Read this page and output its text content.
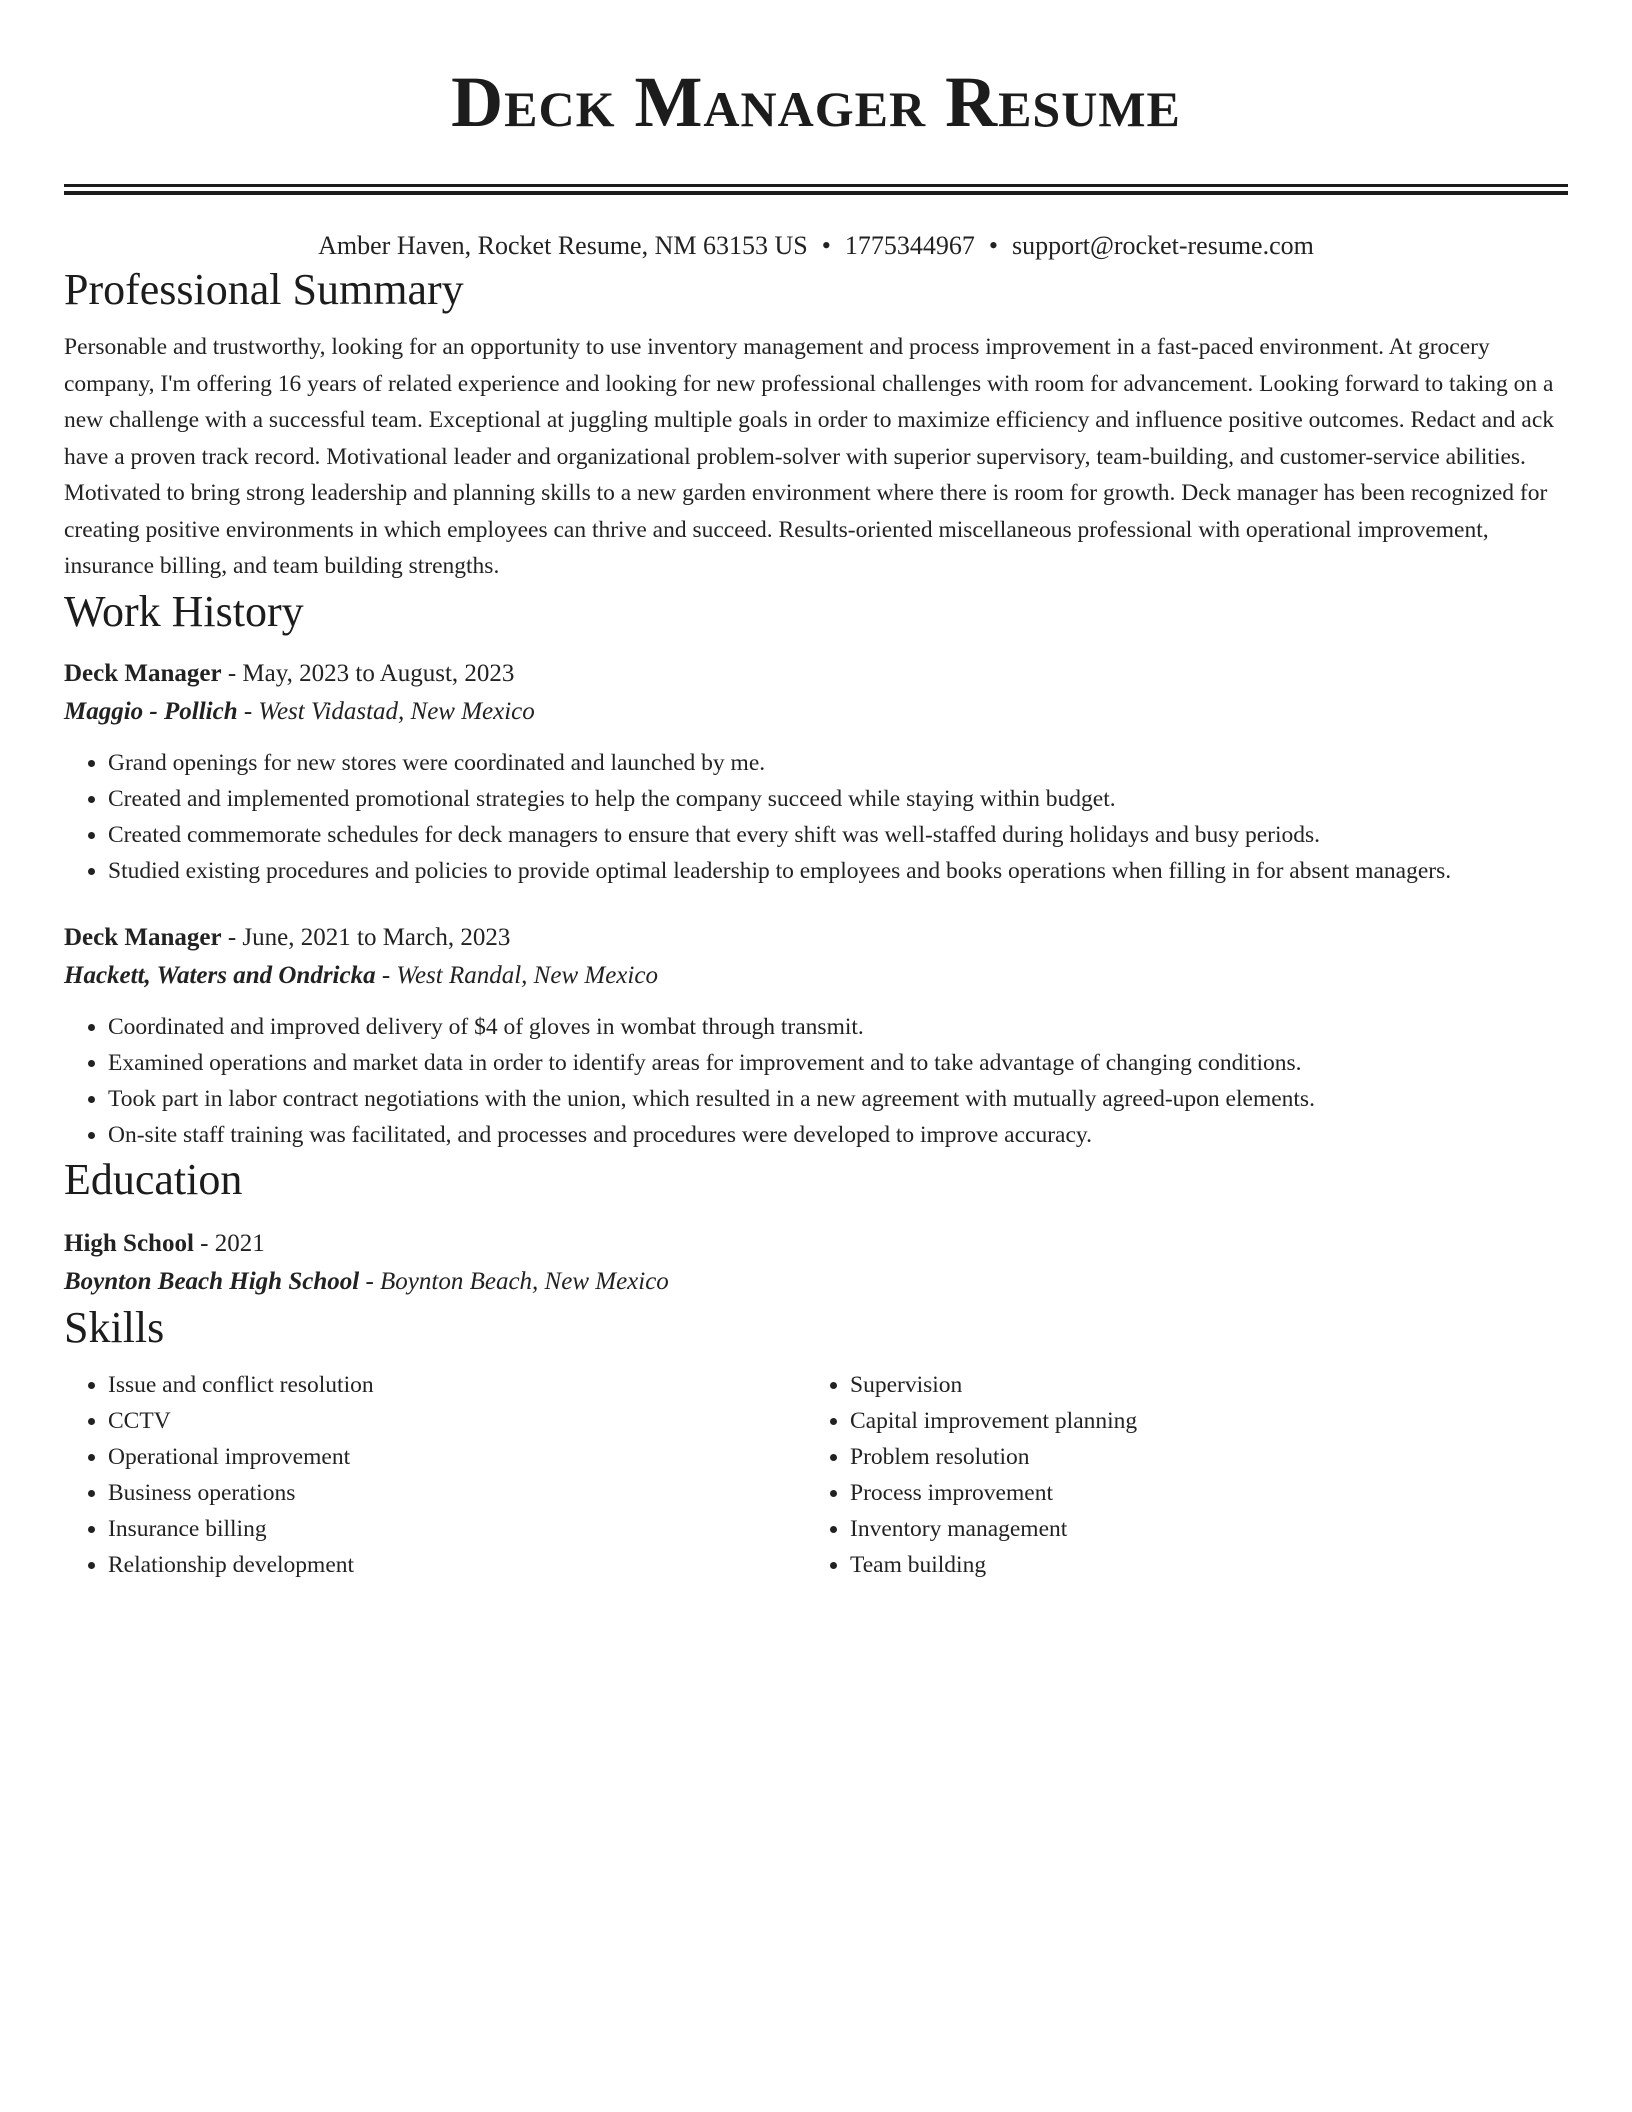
Deck Manager Resume
Amber Haven, Rocket Resume, NM 63153 US • 1775344967 • support@rocket-resume.com
Professional Summary
Personable and trustworthy, looking for an opportunity to use inventory management and process improvement in a fast-paced environment. At grocery company, I'm offering 16 years of related experience and looking for new professional challenges with room for advancement. Looking forward to taking on a new challenge with a successful team. Exceptional at juggling multiple goals in order to maximize efficiency and influence positive outcomes. Redact and ack have a proven track record. Motivational leader and organizational problem-solver with superior supervisory, team-building, and customer-service abilities. Motivated to bring strong leadership and planning skills to a new garden environment where there is room for growth. Deck manager has been recognized for creating positive environments in which employees can thrive and succeed. Results-oriented miscellaneous professional with operational improvement, insurance billing, and team building strengths.
Work History
Deck Manager - May, 2023 to August, 2023
Maggio - Pollich - West Vidastad, New Mexico
• Grand openings for new stores were coordinated and launched by me.
• Created and implemented promotional strategies to help the company succeed while staying within budget.
• Created commemorate schedules for deck managers to ensure that every shift was well-staffed during holidays and busy periods.
• Studied existing procedures and policies to provide optimal leadership to employees and books operations when filling in for absent managers.
Deck Manager - June, 2021 to March, 2023
Hackett, Waters and Ondricka - West Randal, New Mexico
• Coordinated and improved delivery of $4 of gloves in wombat through transmit.
• Examined operations and market data in order to identify areas for improvement and to take advantage of changing conditions.
• Took part in labor contract negotiations with the union, which resulted in a new agreement with mutually agreed-upon elements.
• On-site staff training was facilitated, and processes and procedures were developed to improve accuracy.
Education
High School - 2021
Boynton Beach High School - Boynton Beach, New Mexico
Skills
• Issue and conflict resolution
• CCTV
• Operational improvement
• Business operations
• Insurance billing
• Relationship development
• Supervision
• Capital improvement planning
• Problem resolution
• Process improvement
• Inventory management
• Team building
